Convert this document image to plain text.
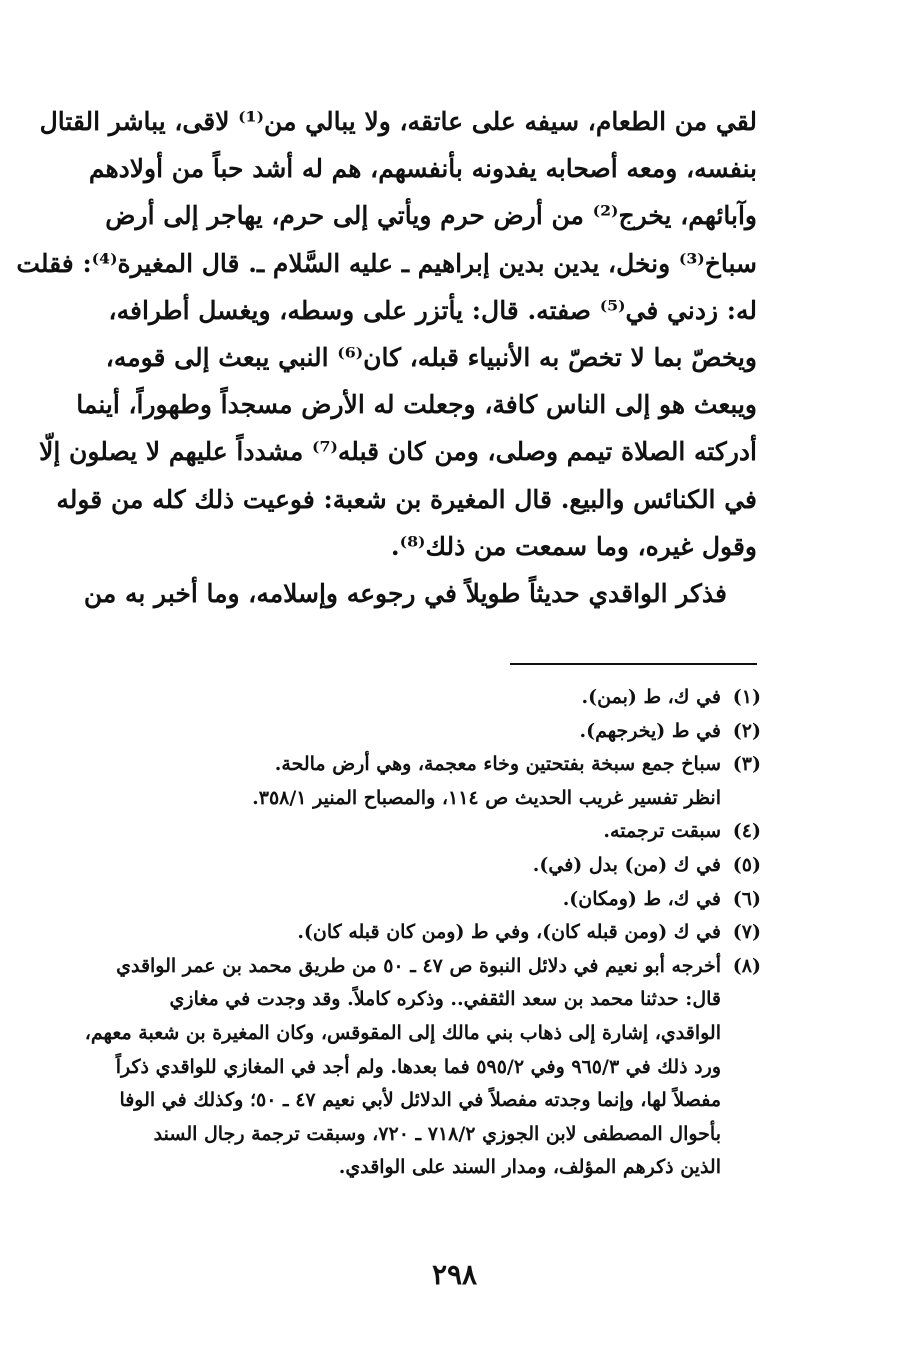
لقي من الطعام، سيفه على عاتقه، ولا يبالي من⁽¹⁾ لاقى، يباشر القتال
بنفسه، ومعه أصحابه يفدونه بأنفسهم، هم له أشد حباً من أولادهم
وآبائهم، يخرج⁽²⁾ من أرض حرم ويأتي إلى حرم، يهاجر إلى أرض
سباخ⁽³⁾ ونخل، يدين بدين إبراهيم ـ عليه السَّلام ـ. قال المغيرة⁽⁴⁾: فقلت
له: زدني في⁽⁵⁾ صفته. قال: يأتزر على وسطه، ويغسل أطرافه،
ويخصّ بما لا تخصّ به الأنبياء قبله، كان⁽⁶⁾ النبي يبعث إلى قومه،
ويبعث هو إلى الناس كافة، وجعلت له الأرض مسجداً وطهوراً، أينما
أدركته الصلاة تيمم وصلى، ومن كان قبله⁽⁷⁾ مشدداً عليهم لا يصلون إلّا
في الكنائس والبيع. قال المغيرة بن شعبة: فوعيت ذلك كله من قوله
وقول غيره، وما سمعت من ذلك⁽⁸⁾.
فذكر الواقدي حديثاً طويلاً في رجوعه وإسلامه، وما أخبر به من
(١)
في ك، ط (بمن).
(٢)
في ط (يخرجهم).
(٣)
سباخ جمع سبخة بفتحتين وخاء معجمة، وهي أرض مالحة.
انظر تفسير غريب الحديث ص ١١٤، والمصباح المنير ٣٥٨/١.
(٤)
سبقت ترجمته.
(٥)
في ك (من) بدل (في).
(٦)
في ك، ط (ومكان).
(٧)
في ك (ومن قبله كان)، وفي ط (ومن كان قبله كان).
(٨)
أخرجه أبو نعيم في دلائل النبوة ص ٤٧ ـ ٥٠ من طريق محمد بن عمر الواقدي
قال: حدثنا محمد بن سعد الثقفي.. وذكره كاملاً. وقد وجدت في مغازي
الواقدي، إشارة إلى ذهاب بني مالك إلى المقوقس، وكان المغيرة بن شعبة معهم،
ورد ذلك في ٩٦٥/٣ وفي ٥٩٥/٢ فما بعدها. ولم أجد في المغازي للواقدي ذكراً
مفصلاً لها، وإنما وجدته مفصلاً في الدلائل لأبي نعيم ٤٧ ـ ٥٠؛ وكذلك في الوفا
بأحوال المصطفى لابن الجوزي ٧١٨/٢ ـ ٧٢٠، وسبقت ترجمة رجال السند
الذين ذكرهم المؤلف، ومدار السند على الواقدي.
٢٩٨
